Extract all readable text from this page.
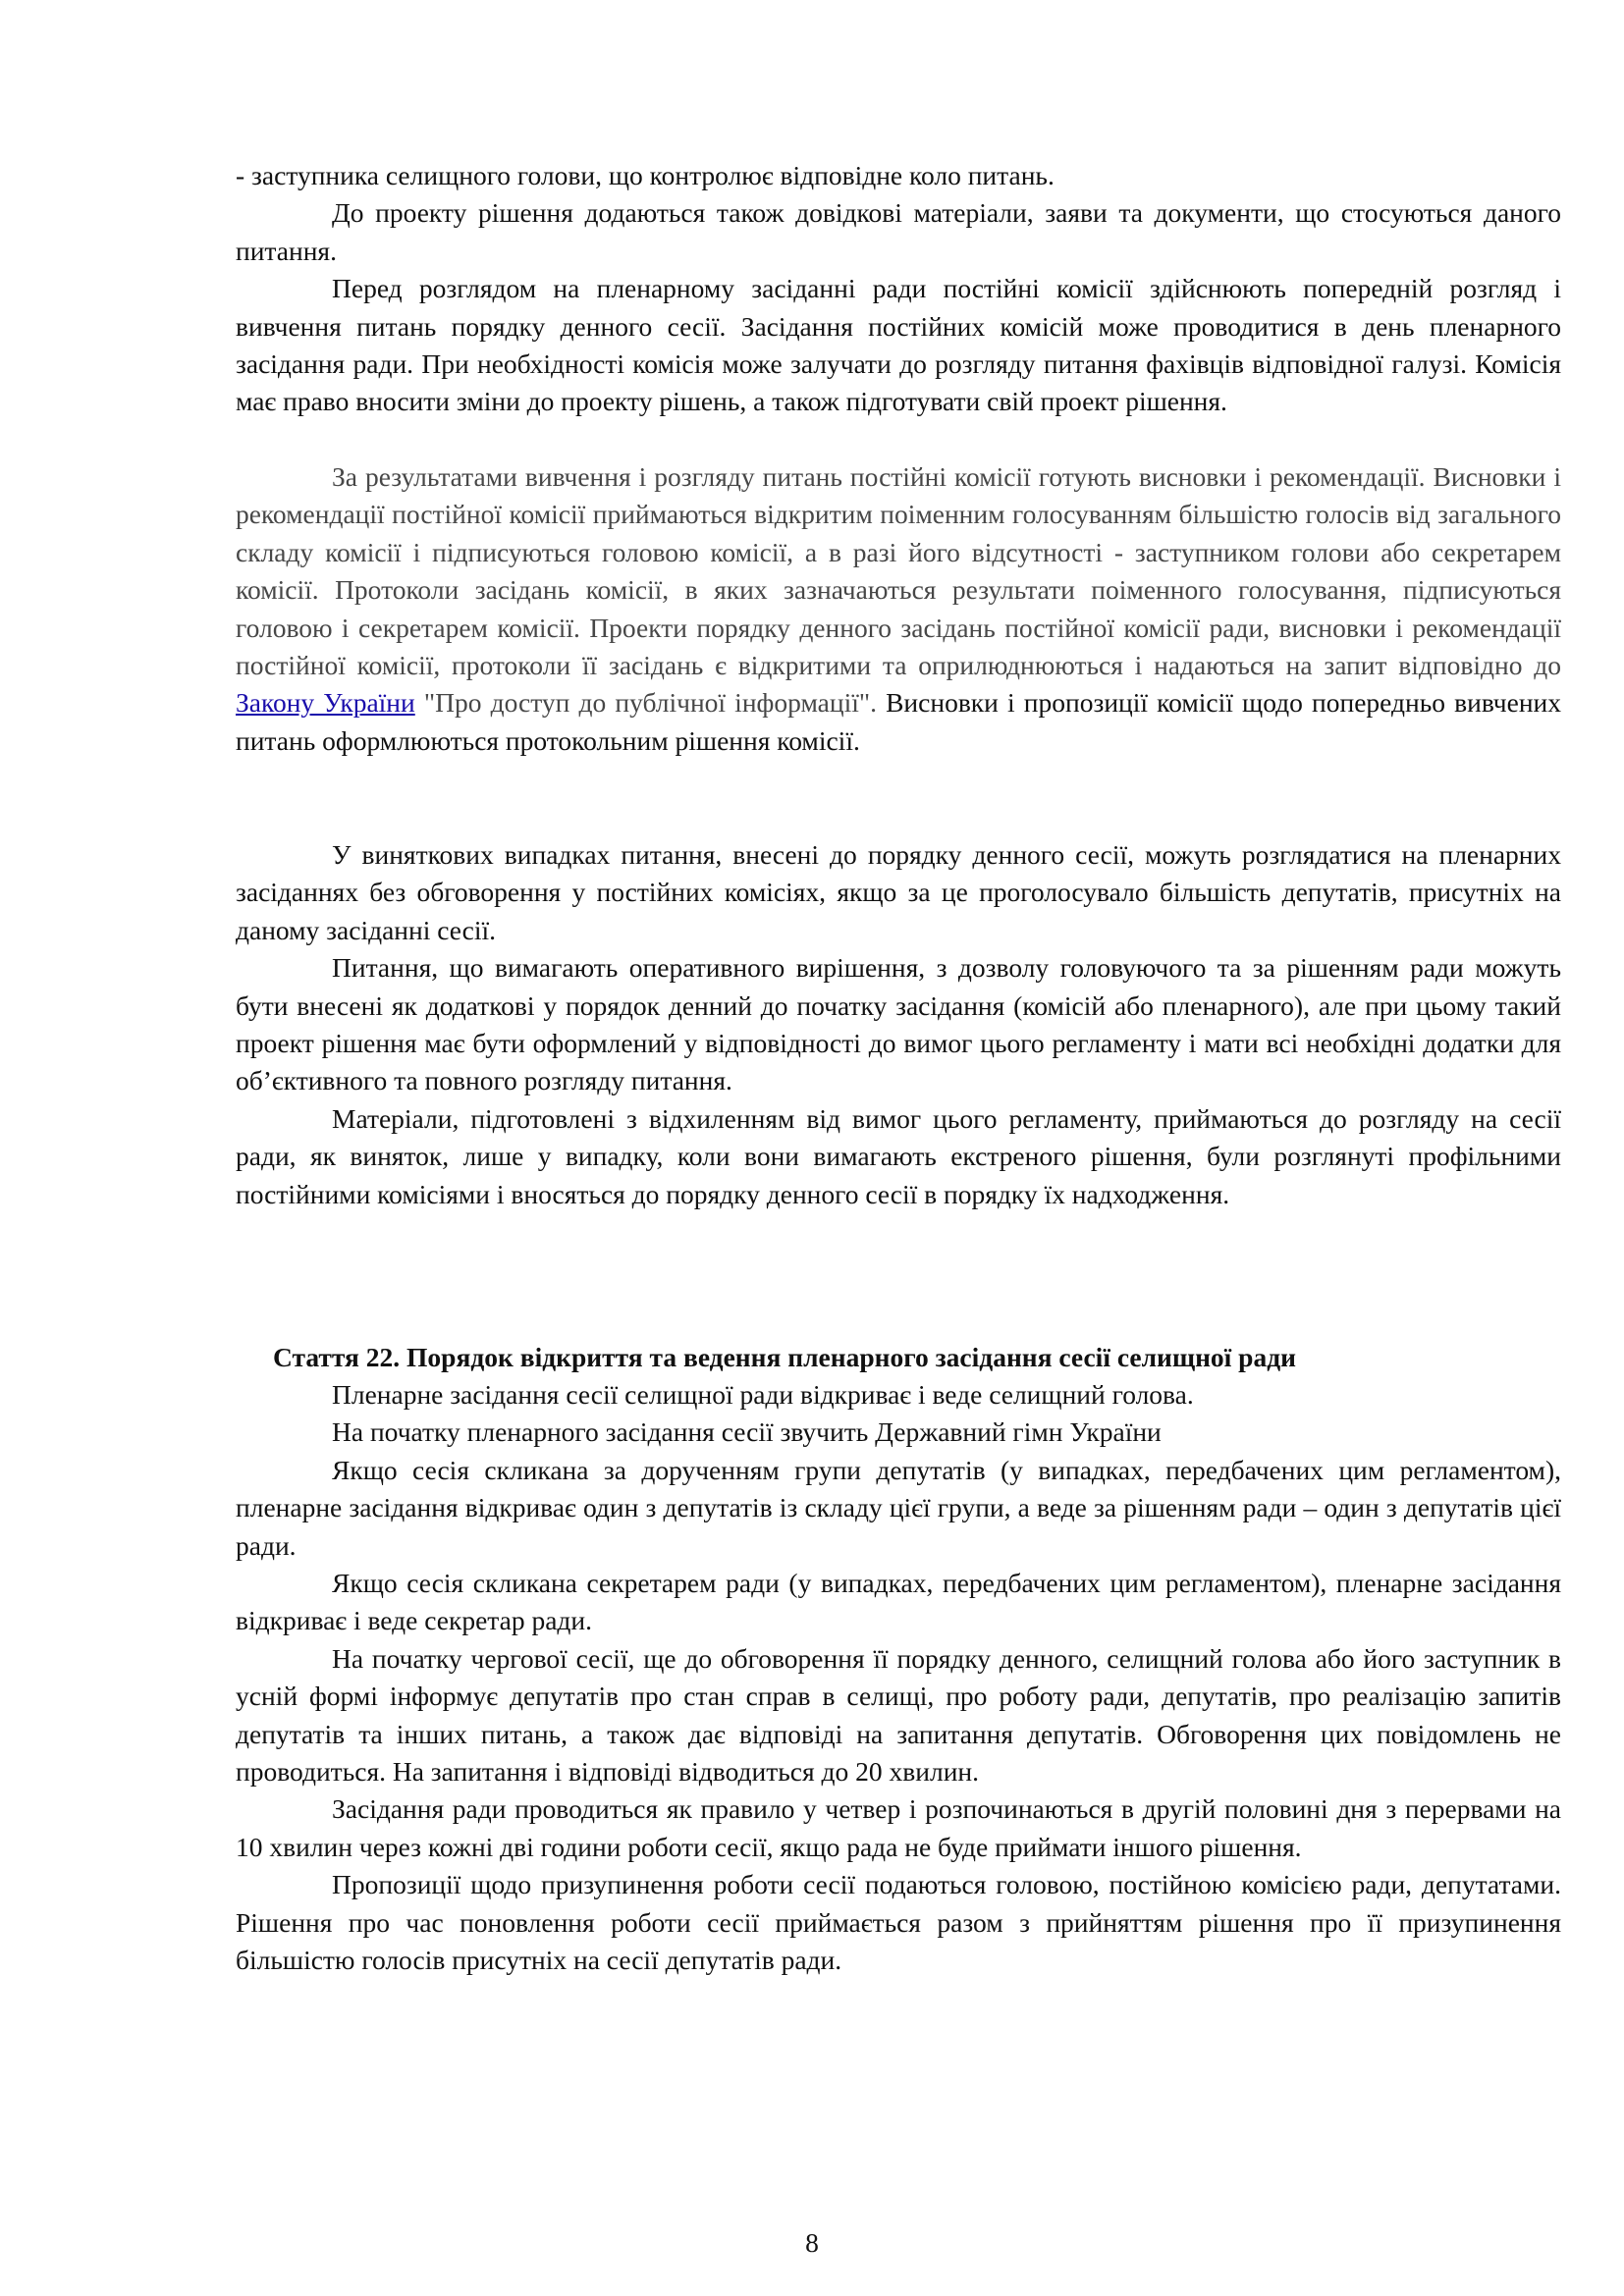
- заступника селищного голови, що контролює відповідне коло питань.

До проекту рішення додаються також довідкові матеріали, заяви та документи, що стосуються даного питання.

Перед розглядом на пленарному засіданні ради постійні комісії здійснюють попередній розгляд і вивчення питань порядку денного сесії. Засідання постійних комісій може проводитися в день пленарного засідання ради. При необхідності комісія може залучати до розгляду питання фахівців відповідної галузі. Комісія має право вносити зміни до проекту рішень, а також підготувати свій проект рішення.

За результатами вивчення і розгляду питань постійні комісії готують висновки і рекомендації. Висновки і рекомендації постійної комісії приймаються відкритим поіменним голосуванням більшістю голосів від загального складу комісії і підписуються головою комісії, а в разі його відсутності - заступником голови або секретарем комісії. Протоколи засідань комісії, в яких зазначаються результати поіменного голосування, підписуються головою і секретарем комісії. Проекти порядку денного засідань постійної комісії ради, висновки і рекомендації постійної комісії, протоколи її засідань є відкритими та оприлюднюються і надаються на запит відповідно до Закону України "Про доступ до публічної інформації". Висновки і пропозиції комісії щодо попередньо вивчених питань оформлюються протокольним рішення комісії.

У виняткових випадках питання, внесені до порядку денного сесії, можуть розглядатися на пленарних засіданнях без обговорення у постійних комісіях, якщо за це проголосувало більшість депутатів, присутніх на даному засіданні сесії.

Питання, що вимагають оперативного вирішення, з дозволу головуючого та за рішенням ради можуть бути внесені як додаткові у порядок денний до початку засідання (комісій або пленарного), але при цьому такий проект рішення має бути оформлений у відповідності до вимог цього регламенту і мати всі необхідні додатки для об’єктивного та повного розгляду питання.

Матеріали, підготовлені з відхиленням від вимог цього регламенту, приймаються до розгляду на сесії ради, як виняток, лише у випадку, коли вони вимагають екстреного рішення, були розглянуті профільними постійними комісіями і вносяться до порядку денного сесії в порядку їх надходження.

Стаття 22. Порядок відкриття та ведення пленарного засідання сесії селищної ради

Пленарне засідання сесії селищної ради відкриває і веде селищний голова.

На початку пленарного засідання сесії звучить Державний гімн України

Якщо сесія скликана за дорученням групи депутатів (у випадках, передбачених цим регламентом), пленарне засідання відкриває один з депутатів із складу цієї групи, а веде за рішенням ради – один з депутатів цієї ради.

Якщо сесія скликана секретарем ради (у випадках, передбачених цим регламентом), пленарне засідання відкриває і веде секретар ради.

На початку чергової сесії, ще до обговорення її порядку денного, селищний голова або його заступник в усній формі інформує депутатів про стан справ в селищі, про роботу ради, депутатів, про реалізацію запитів депутатів та інших питань, а також дає відповіді на запитання депутатів. Обговорення цих повідомлень не проводиться. На запитання і відповіді відводиться до 20 хвилин.

Засідання ради проводиться як правило у четвер і розпочинаються в другій половині дня з перервами на 10 хвилин через кожні дві години роботи сесії, якщо рада не буде приймати іншого рішення.

Пропозиції щодо призупинення роботи сесії подаються головою, постійною комісією ради, депутатами. Рішення про час поновлення роботи сесії приймається разом з прийняттям рішення про її призупинення більшістю голосів присутніх на сесії депутатів ради.

8
